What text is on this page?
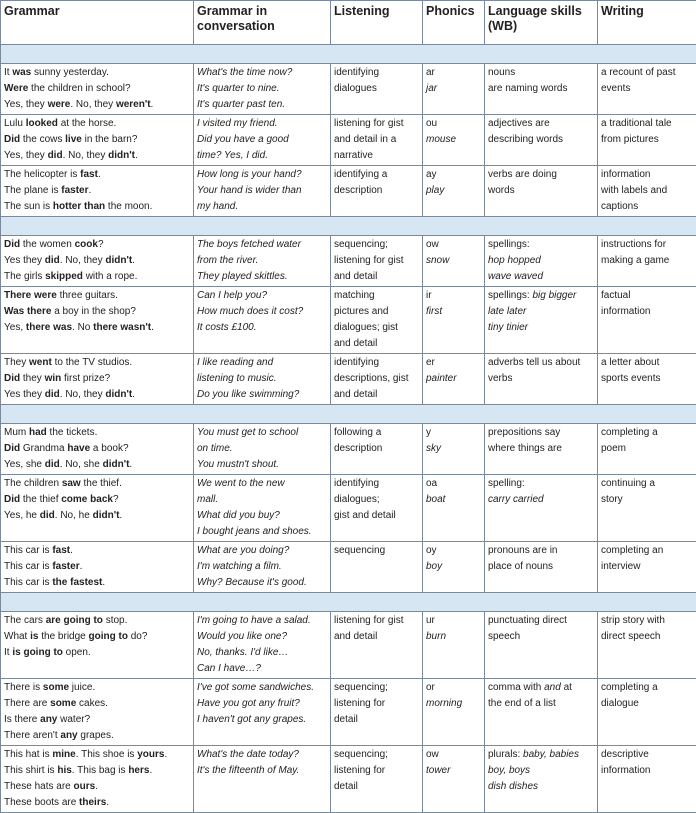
Grammar	Grammar in conversation	Listening	Phonics	Language skills (WB)	Writing

It was sunny yesterday.
Were the children in school?
Yes, they were. No, they weren't.	What's the time now?
It's quarter to nine.
It's quarter past ten.	identifying
dialogues	ar
jar	nouns
are naming words	a recount of past
events

Lulu looked at the horse.
Did the cows live in the barn?
Yes, they did. No, they didn't.	I visited my friend.
Did you have a good
time? Yes, I did.	listening for gist
and detail in a
narrative	ou
mouse	adjectives are
describing words	a traditional tale
from pictures

The helicopter is fast.
The plane is faster.
The sun is hotter than the moon.	How long is your hand?
Your hand is wider than
my hand.	identifying a
description	ay
play	verbs are doing
words	information
with labels and
captions

Did the women cook?
Yes they did. No, they didn't.
The girls skipped with a rope.	The boys fetched water
from the river.
They played skittles.	sequencing;
listening for gist
and detail	ow
snow	spellings:
hop hopped
wave waved	instructions for
making a game

There were three guitars.
Was there a boy in the shop?
Yes, there was. No there wasn't.	Can I help you?
How much does it cost?
It costs £100.	matching
pictures and
dialogues; gist
and detail	ir
first	spellings: big bigger
late later
tiny tinier	factual
information

They went to the TV studios.
Did they win first prize?
Yes they did. No, they didn't.	I like reading and
listening to music.
Do you like swimming?	identifying
descriptions, gist
and detail	er
painter	adverbs tell us about
verbs	a letter about
sports events

Mum had the tickets.
Did Grandma have a book?
Yes, she did. No, she didn't.	You must get to school
on time.
You mustn't shout.	following a
description	y
sky	prepositions say
where things are	completing a
poem

The children saw the thief.
Did the thief come back?
Yes, he did. No, he didn't.	We went to the new
mall.
What did you buy?
I bought jeans and shoes.	identifying
dialogues;
gist and detail	oa
boat	spelling:
carry carried	continuing a
story

This car is fast.
This car is faster.
This car is the fastest.	What are you doing?
I'm watching a film.
Why? Because it's good.	sequencing	oy
boy	pronouns are in
place of nouns	completing an
interview

The cars are going to stop.
What is the bridge going to do?
It is going to open.	I'm going to have a salad.
Would you like one?
No, thanks. I'd like…
Can I have…?	listening for gist
and detail	ur
burn	punctuating direct
speech	strip story with
direct speech

There is some juice.
There are some cakes.
Is there any water?
There aren't any grapes.	I've got some sandwiches.
Have you got any fruit?
I haven't got any grapes.	sequencing;
listening for
detail	or
morning	comma with and at
the end of a list	completing a
dialogue

This hat is mine. This shoe is yours.
This shirt is his. This bag is hers.
These hats are ours.
These boots are theirs.	What's the date today?
It's the fifteenth of May.	sequencing;
listening for
detail	ow
tower	plurals: baby, babies
boy, boys
dish dishes	descriptive
information
